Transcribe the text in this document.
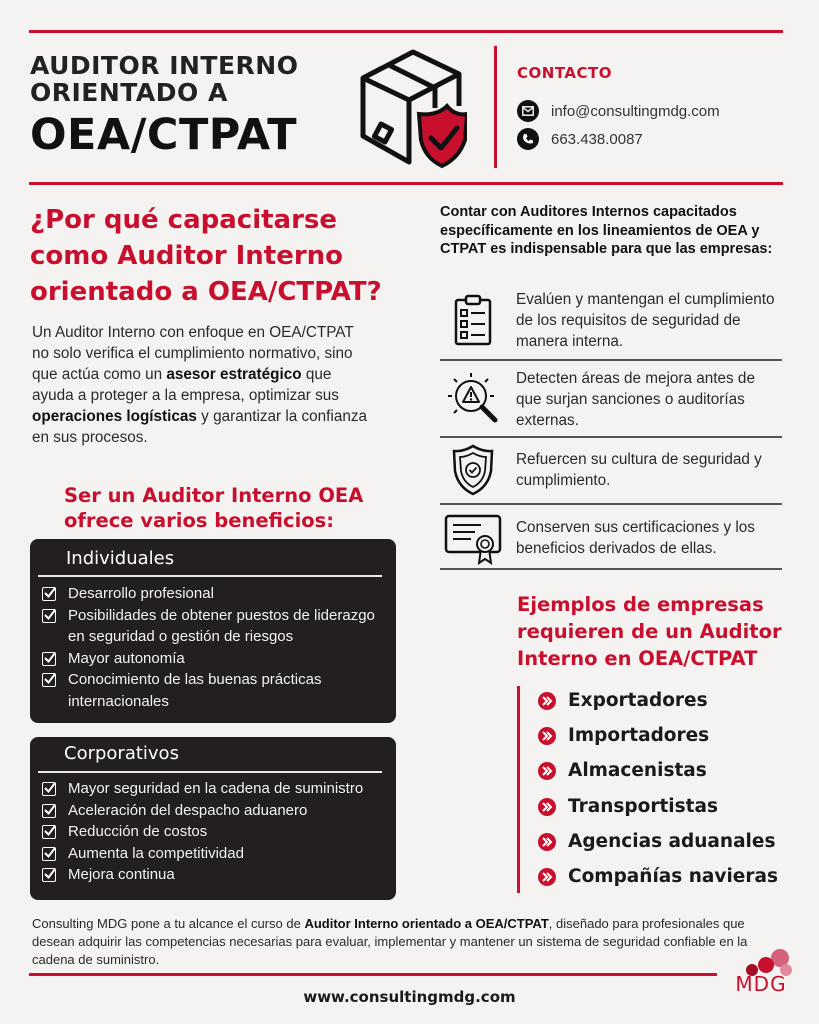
AUDITOR INTERNO
ORIENTADO A
OEA/CTPAT
CONTACTO
info@consultingmdg.com
663.438.0087
¿Por qué capacitarse
como Auditor Interno
orientado a OEA/CTPAT?
Un Auditor Interno con enfoque en OEA/CTPAT no solo verifica el cumplimiento normativo, sino que actúa como un asesor estratégico que ayuda a proteger a la empresa, optimizar sus operaciones logísticas y garantizar la confianza en sus procesos.
Ser un Auditor Interno OEA
ofrece varios beneficios:
Individuales
Desarrollo profesional
Posibilidades de obtener puestos de liderazgo en seguridad o gestión de riesgos
Mayor autonomía
Conocimiento de las buenas prácticas internacionales
Corporativos
Mayor seguridad en la cadena de suministro
Aceleración del despacho aduanero
Reducción de costos
Aumenta la competitividad
Mejora continua
Contar con Auditores Internos capacitados específicamente en los lineamientos de OEA y CTPAT es indispensable para que las empresas:
Evalúen y mantengan el cumplimiento de los requisitos de seguridad de manera interna.
Detecten áreas de mejora antes de que surjan sanciones o auditorías externas.
Refuercen su cultura de seguridad y cumplimiento.
Conserven sus certificaciones y los beneficios derivados de ellas.
Ejemplos de empresas
requieren de un Auditor
Interno en OEA/CTPAT
Exportadores
Importadores
Almacenistas
Transportistas
Agencias aduanales
Compañías navieras
Consulting MDG pone a tu alcance el curso de Auditor Interno orientado a OEA/CTPAT, diseñado para profesionales que desean adquirir las competencias necesarias para evaluar, implementar y mantener un sistema de seguridad confiable en la cadena de suministro.
www.consultingmdg.com
MDG
